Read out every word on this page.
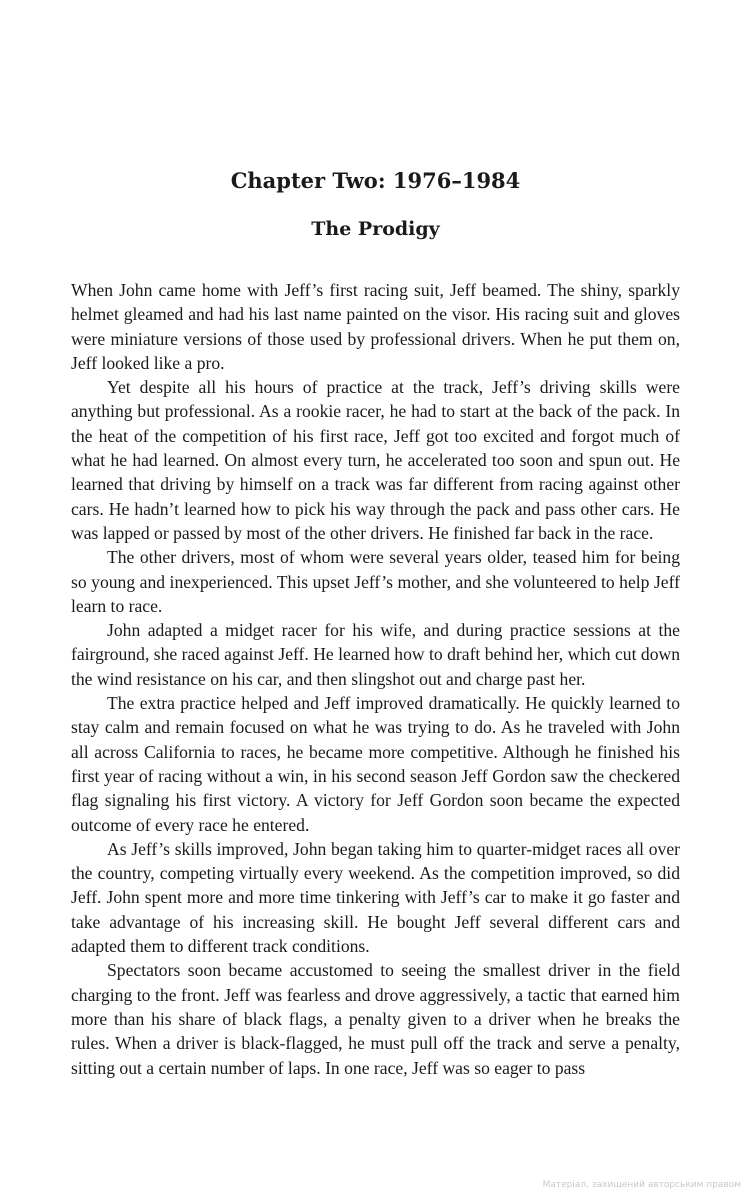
Chapter Two: 1976–1984
The Prodigy

When John came home with Jeff’s first racing suit, Jeff beamed. The shiny, sparkly helmet gleamed and had his last name painted on the visor. His racing suit and gloves were miniature versions of those used by professional drivers. When he put them on, Jeff looked like a pro.

Yet despite all his hours of practice at the track, Jeff’s driving skills were anything but professional. As a rookie racer, he had to start at the back of the pack. In the heat of the competition of his first race, Jeff got too excited and forgot much of what he had learned. On almost every turn, he accelerated too soon and spun out. He learned that driving by himself on a track was far different from racing against other cars. He hadn’t learned how to pick his way through the pack and pass other cars. He was lapped or passed by most of the other drivers. He finished far back in the race.

The other drivers, most of whom were several years older, teased him for being so young and inexperienced. This upset Jeff’s mother, and she volunteered to help Jeff learn to race.

John adapted a midget racer for his wife, and during practice sessions at the fairground, she raced against Jeff. He learned how to draft behind her, which cut down the wind resistance on his car, and then slingshot out and charge past her.

The extra practice helped and Jeff improved dramatically. He quickly learned to stay calm and remain focused on what he was trying to do. As he traveled with John all across California to races, he became more competitive. Although he finished his first year of racing without a win, in his second season Jeff Gordon saw the checkered flag signaling his first victory. A victory for Jeff Gordon soon became the expected outcome of every race he entered.

As Jeff’s skills improved, John began taking him to quarter-midget races all over the country, competing virtually every weekend. As the competition improved, so did Jeff. John spent more and more time tinkering with Jeff’s car to make it go faster and take advantage of his increasing skill. He bought Jeff several different cars and adapted them to different track conditions.

Spectators soon became accustomed to seeing the smallest driver in the field charging to the front. Jeff was fearless and drove aggressively, a tactic that earned him more than his share of black flags, a penalty given to a driver when he breaks the rules. When a driver is black-flagged, he must pull off the track and serve a penalty, sitting out a certain number of laps. In one race, Jeff was so eager to pass

Матеріал, захищений авторським правом
